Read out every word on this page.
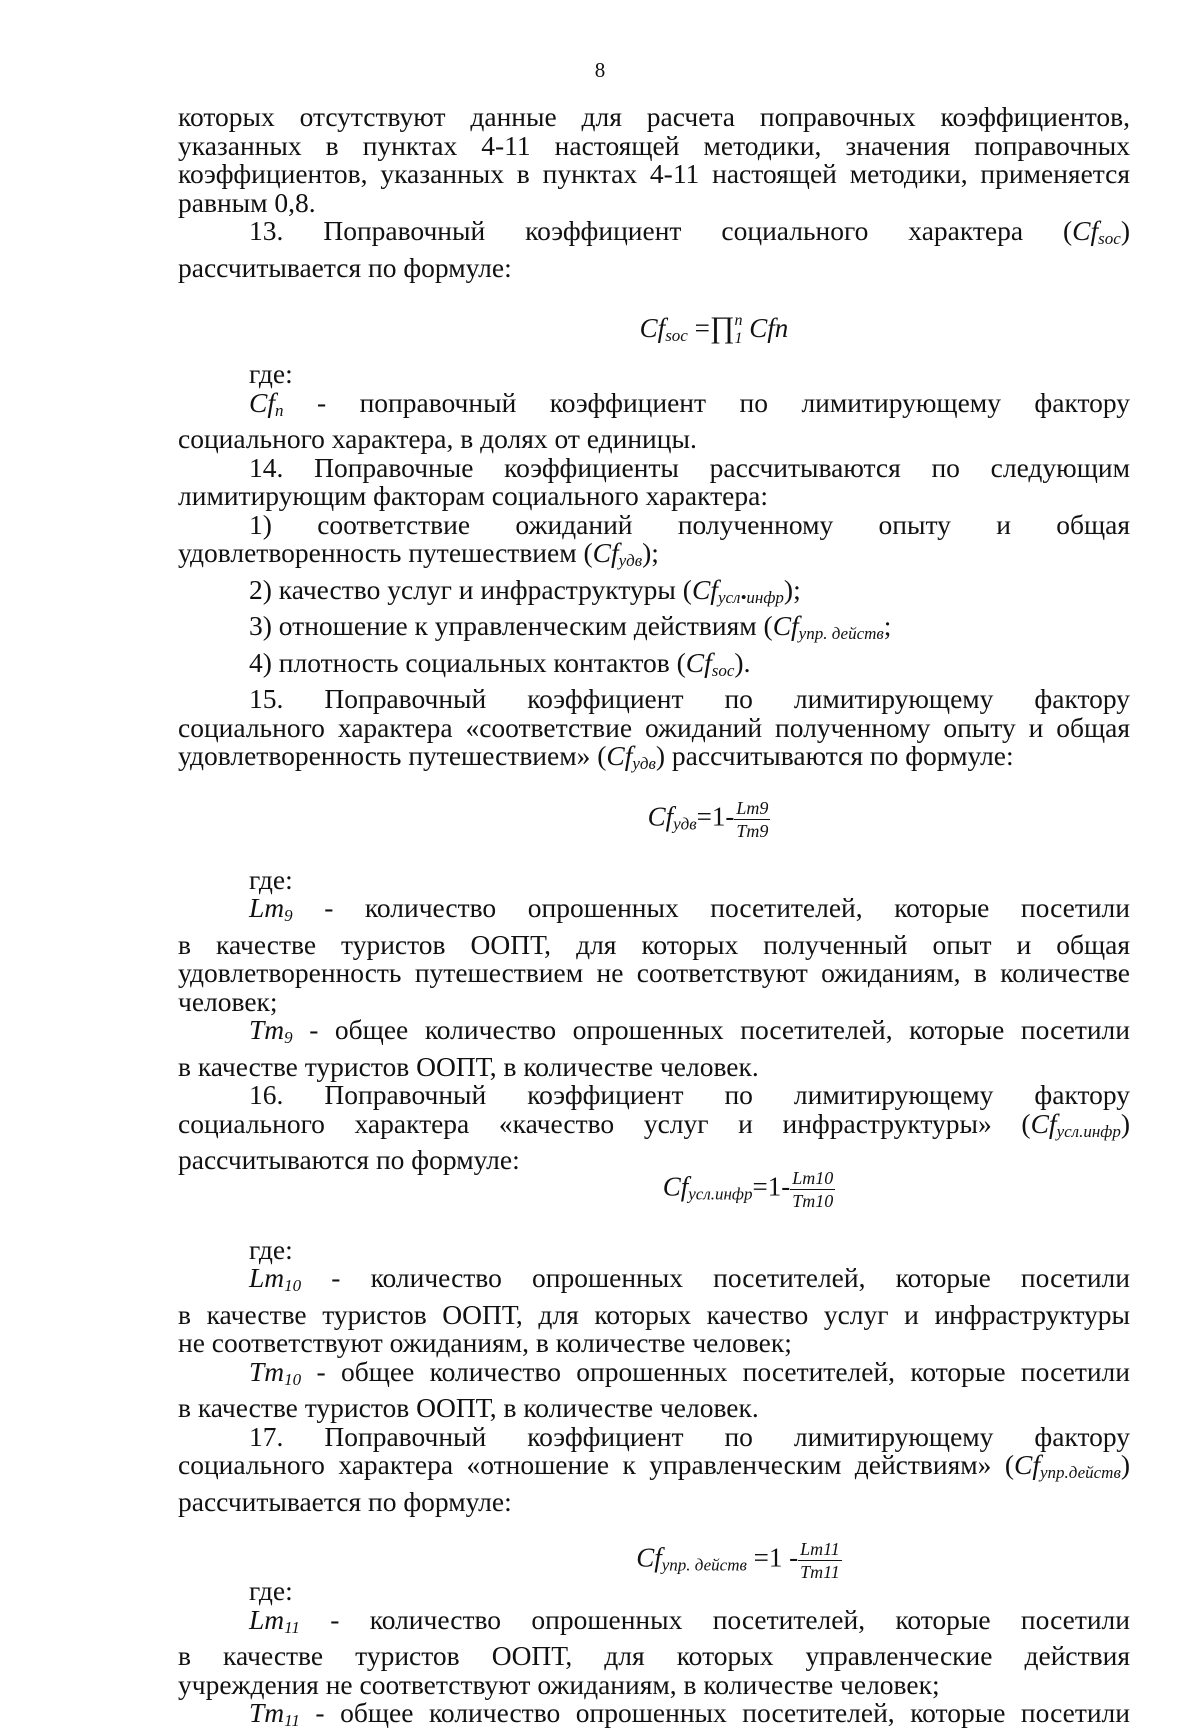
8

которых отсутствуют данные для расчета поправочных коэффициентов,

указанных в пунктах 4-11 настоящей методики, значения поправочных

коэффициентов, указанных в пунктах 4-11 настоящей методики, применяется

равным 0,8.

13. Поправочный коэффициент социального характера $(Cf_{soc})$

рассчитывается по формуле:

$Cf_{soc}$ $=\prod_1^n$ Cfn

где:

$Cf_n$ - поправочный коэффициент по лимитирующему фактору

социального характера, в долях от единицы.

14. Поправочные коэффициенты рассчитываются по следующим

лимитирующим факторам социального характера:

1) соответствие ожиданий полученному опыту и общая

удовлетворенность путешествием $(Cf_{удв})$;

2) качество услуг и инфраструктуры $(Cf_{усл•инфр})$;

3) отношение к управленческим действиям ($Cf_{упр. действ}$;

4) плотность социальных контактов $(Cf_{soc})$.

15. Поправочный коэффициент по лимитирующему фактору

социального характера «соответствие ожиданий полученному опыту и общая

удовлетворенность путешествием» $(Cf_{удв})$ рассчитываются по формуле:

$Cf_{удв}=1- \frac{Lm9}{Tm9}$

где:

$Lm_9$ - количество опрошенных посетителей, которые посетили

в качестве туристов ООПТ, для которых полученный опыт и общая

удовлетворенность путешествием не соответствуют ожиданиям, в количестве

человек;

$Tm_9$ - общее количество опрошенных посетителей, которые посетили

в качестве туристов ООПТ, в количестве человек.

16. Поправочный коэффициент по лимитирующему фактору

социального характера «качество услуг и инфраструктуры» $(Cf_{усл.инфр})$

рассчитываются по формуле:

$Cf_{усл.инфр}=1- \frac{Lm10}{Tm10}$

где:

$Lm_{10}$ - количество опрошенных посетителей, которые посетили

в качестве туристов ООПТ, для которых качество услуг и инфраструктуры

не соответствуют ожиданиям, в количестве человек;

$Tm_{10}$ - общее количество опрошенных посетителей, которые посетили

в качестве туристов ООПТ, в количестве человек.

17. Поправочный коэффициент по лимитирующему фактору

социального характера «отношение к управленческим действиям» $(Cf_{упр.действ})$

рассчитывается по формуле:

$Cf_{упр. действ} =1 - \frac{Lm11}{Tm11}$

где:

$Lm_{11}$ - количество опрошенных посетителей, которые посетили

в качестве туристов ООПТ, для которых управленческие действия

учреждения не соответствуют ожиданиям, в количестве человек;

$Tm_{11}$ - общее количество опрошенных посетителей, которые посетили
